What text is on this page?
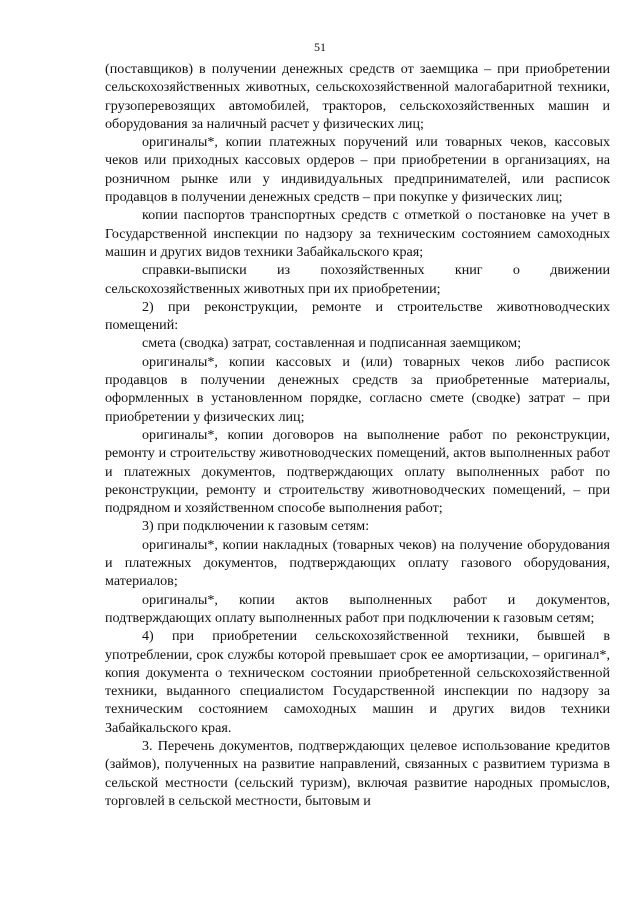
51

(поставщиков) в получении денежных средств от заемщика – при приобретении сельскохозяйственных животных, сельскохозяйственной малогабаритной техники, грузоперевозящих автомобилей, тракторов, сельскохозяйственных машин и оборудования за наличный расчет у физических лиц;

оригиналы*, копии платежных поручений или товарных чеков, кассовых чеков или приходных кассовых ордеров – при приобретении в организациях, на розничном рынке или у индивидуальных предпринимателей, или расписок продавцов в получении денежных средств – при покупке у физических лиц;

копии паспортов транспортных средств с отметкой о постановке на учет в Государственной инспекции по надзору за техническим состоянием самоходных машин и других видов техники Забайкальского края;

справки-выписки из похозяйственных книг о движении сельскохозяйственных животных при их приобретении;

2) при реконструкции, ремонте и строительстве животноводческих помещений:

смета (сводка) затрат, составленная и подписанная заемщиком;

оригиналы*, копии кассовых и (или) товарных чеков либо расписок продавцов в получении денежных средств за приобретенные материалы, оформленных в установленном порядке, согласно смете (сводке) затрат – при приобретении у физических лиц;

оригиналы*, копии договоров на выполнение работ по реконструкции, ремонту и строительству животноводческих помещений, актов выполненных работ и платежных документов, подтверждающих оплату выполненных работ по реконструкции, ремонту и строительству животноводческих помещений, – при подрядном и хозяйственном способе выполнения работ;

3) при подключении к газовым сетям:

оригиналы*, копии накладных (товарных чеков) на получение оборудования и платежных документов, подтверждающих оплату газового оборудования, материалов;

оригиналы*, копии актов выполненных работ и документов, подтверждающих оплату выполненных работ при подключении к газовым сетям;

4) при приобретении сельскохозяйственной техники, бывшей в употреблении, срок службы которой превышает срок ее амортизации, – оригинал*, копия документа о техническом состоянии приобретенной сельскохозяйственной техники, выданного специалистом Государственной инспекции по надзору за техническим состоянием самоходных машин и других видов техники Забайкальского края.

3. Перечень документов, подтверждающих целевое использование кредитов (займов), полученных на развитие направлений, связанных с развитием туризма в сельской местности (сельский туризм), включая развитие народных промыслов, торговлей в сельской местности, бытовым и
